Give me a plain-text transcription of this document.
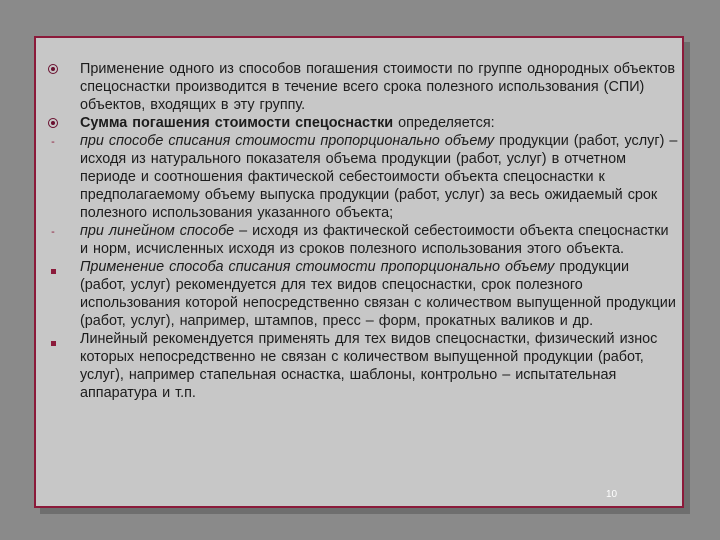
Применение одного из способов погашения стоимости по группе однородных объектов спецоснастки производится в течение всего срока полезного использования (СПИ) объектов, входящих в эту группу.

Сумма погашения стоимости спецоснастки определяется:

-	при способе списания стоимости пропорционально объему продукции (работ, услуг) – исходя из натурального показателя объема продукции (работ, услуг) в отчетном периоде и соотношения фактической себестоимости объекта спецоснастки к предполагаемому объему выпуска продукции (работ, услуг) за весь ожидаемый срок полезного использования указанного объекта;

-	при линейном способе – исходя из фактической себестоимости объекта спецоснастки и норм, исчисленных исходя из сроков полезного использования этого объекта.

Применение способа списания стоимости пропорционально объему продукции (работ, услуг) рекомендуется для тех видов спецоснастки, срок полезного использования которой непосредственно связан с количеством выпущенной продукции (работ, услуг), например, штампов, пресс – форм, прокатных валиков и др.

Линейный рекомендуется применять для тех видов спецоснастки, физический износ которых непосредственно не связан с количеством выпущенной продукции (работ, услуг), например стапельная оснастка, шаблоны, контрольно – испытательная аппаратура и т.п.

10
